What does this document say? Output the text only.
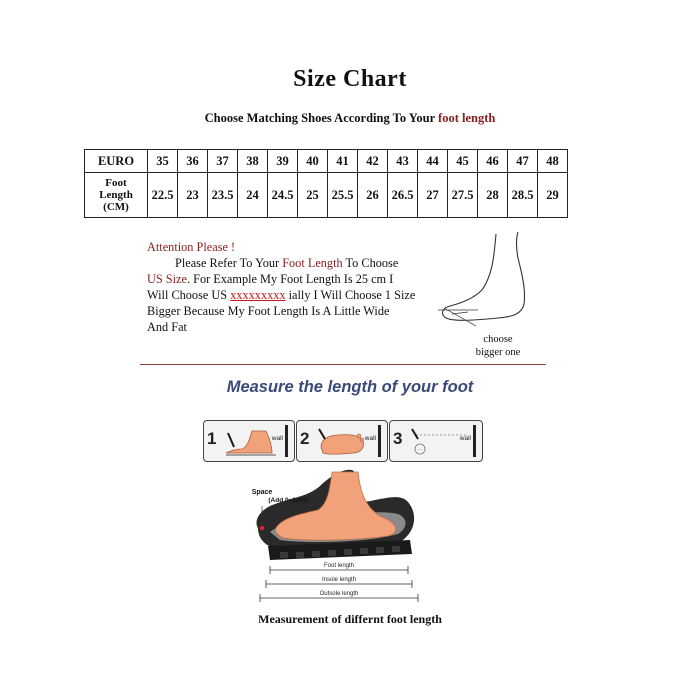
Size Chart
Choose Matching Shoes According To Your foot length
EURO	35	36	37	38	39	40	41	42	43	44	45	46	47	48
Foot
Length
(CM)	22.5	23	23.5	24	24.5	25	25.5	26	26.5	27	27.5	28	28.5	29
Attention Please !
Please Refer To Your Foot Length To Choose
US Size. For Example My Foot Length Is 25 cm I
Will Choose US xxxxxxxxx ially I Will Choose 1 Size
Bigger Because My Foot Length Is A Little Wide
And Fat
choose
bigger one
Measure the length of your foot
1	wall 2	wall 3
~~
wall
Foot length
Insole length
Outsole length
Space
(Add 0~1cm)
Measurement of differnt foot length
